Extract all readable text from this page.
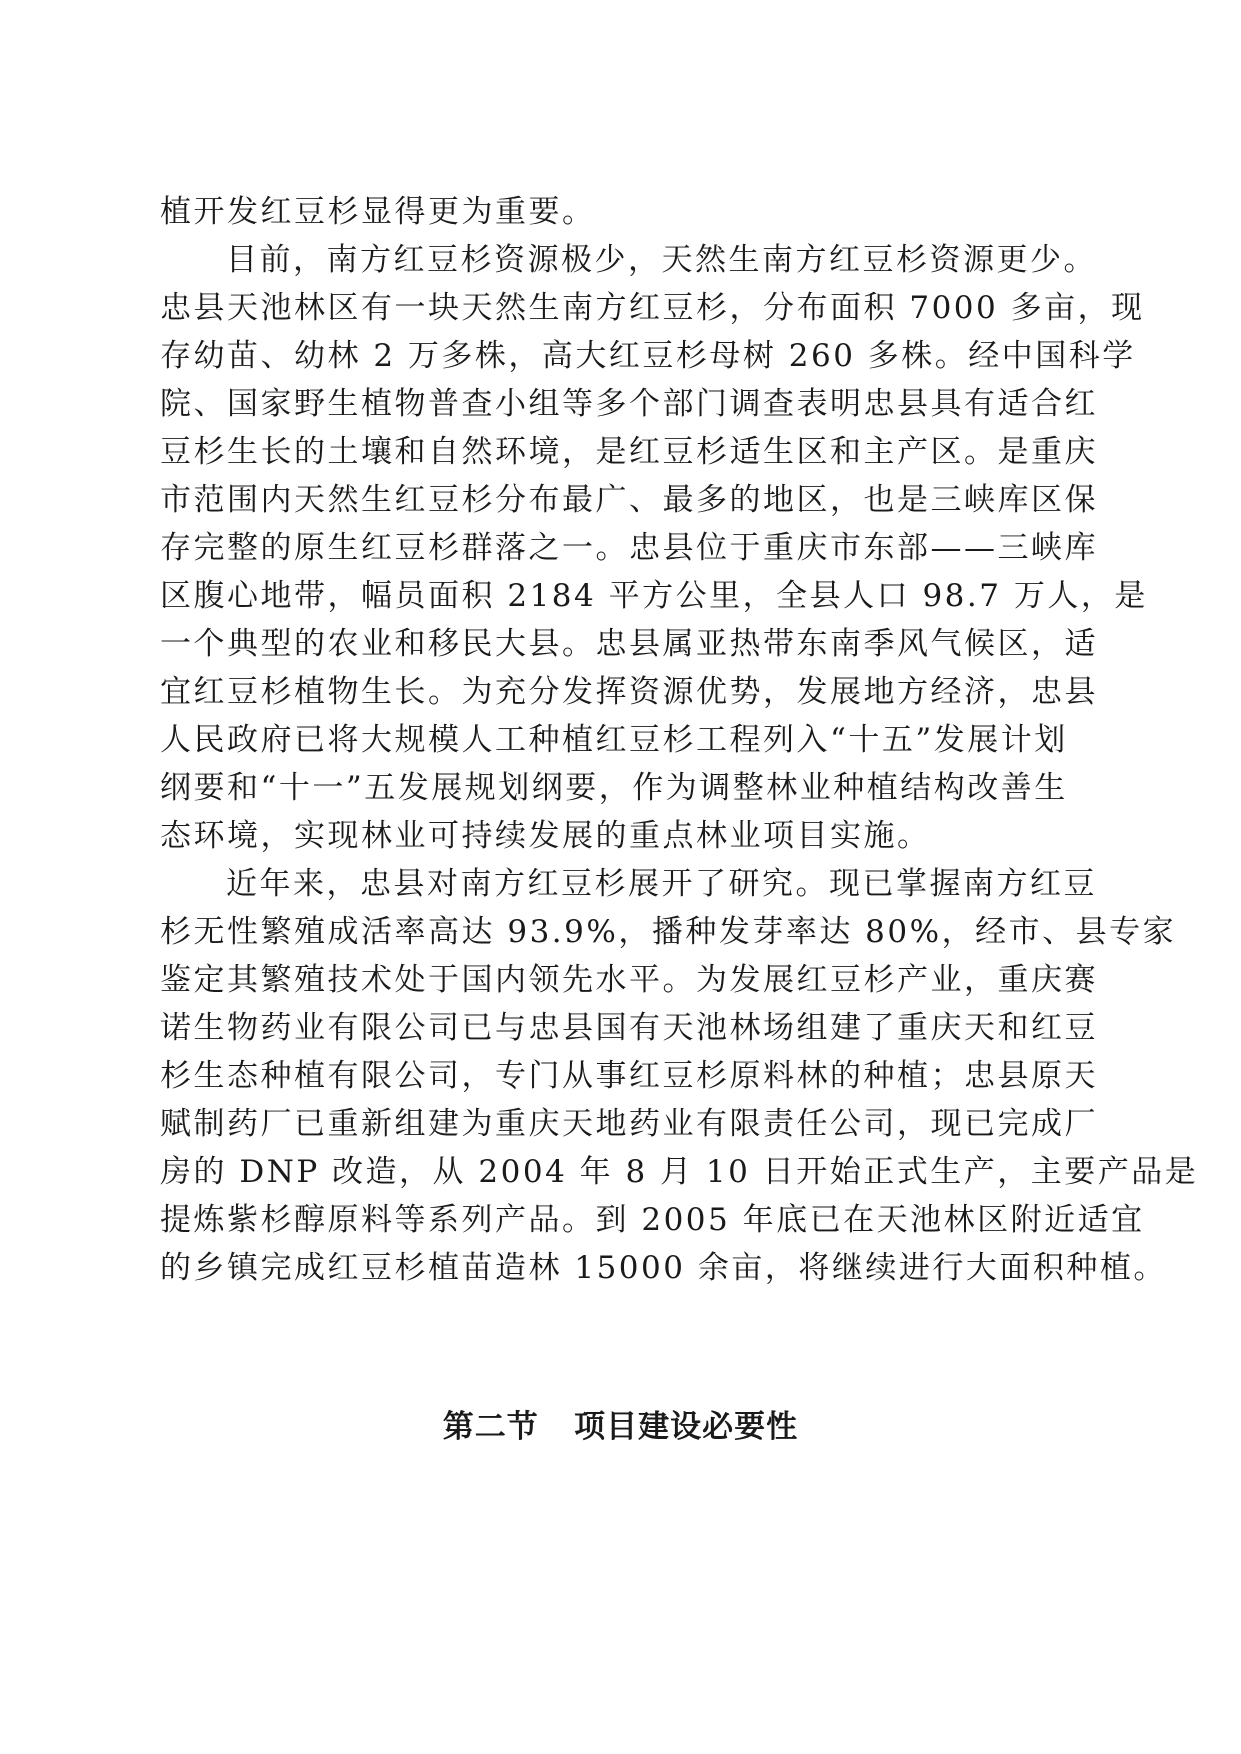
植开发红豆杉显得更为重要。
目前，南方红豆杉资源极少，天然生南方红豆杉资源更少。
忠县天池林区有一块天然生南方红豆杉，分布面积 7000 多亩，现
存幼苗、幼林 2 万多株，高大红豆杉母树 260 多株。经中国科学
院、国家野生植物普查小组等多个部门调查表明忠县具有适合红
豆杉生长的土壤和自然环境，是红豆杉适生区和主产区。是重庆
市范围内天然生红豆杉分布最广、最多的地区，也是三峡库区保
存完整的原生红豆杉群落之一。忠县位于重庆市东部——三峡库
区腹心地带，幅员面积 2184 平方公里，全县人口 98.7 万人，是
一个典型的农业和移民大县。忠县属亚热带东南季风气候区，适
宜红豆杉植物生长。为充分发挥资源优势，发展地方经济，忠县
人民政府已将大规模人工种植红豆杉工程列入“十五”发展计划
纲要和“十一”五发展规划纲要，作为调整林业种植结构改善生
态环境，实现林业可持续发展的重点林业项目实施。
近年来，忠县对南方红豆杉展开了研究。现已掌握南方红豆
杉无性繁殖成活率高达 93.9%，播种发芽率达 80%，经市、县专家
鉴定其繁殖技术处于国内领先水平。为发展红豆杉产业，重庆赛
诺生物药业有限公司已与忠县国有天池林场组建了重庆天和红豆
杉生态种植有限公司，专门从事红豆杉原料林的种植；忠县原天
赋制药厂已重新组建为重庆天地药业有限责任公司，现已完成厂
房的 DNP 改造，从 2004 年 8 月 10 日开始正式生产，主要产品是
提炼紫杉醇原料等系列产品。到 2005 年底已在天池林区附近适宜
的乡镇完成红豆杉植苗造林 15000 余亩，将继续进行大面积种植。
第二节   项目建设必要性
